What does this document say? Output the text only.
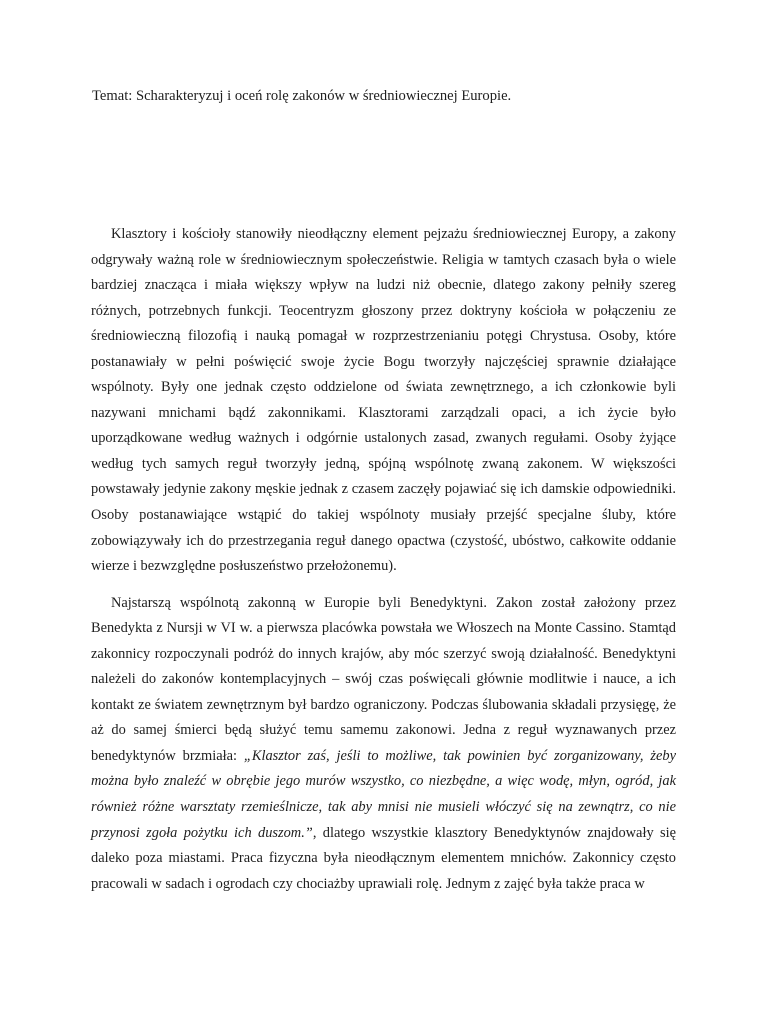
Temat: Scharakteryzuj i oceń rolę zakonów w średniowiecznej Europie.

Klasztory i kościoły stanowiły nieodłączny element pejzażu średniowiecznej Europy, a zakony odgrywały ważną role w średniowiecznym społeczeństwie. Religia w tamtych czasach była o wiele bardziej znacząca i miała większy wpływ na ludzi niż obecnie, dlatego zakony pełniły szereg różnych, potrzebnych funkcji. Teocentryzm głoszony przez doktryny kościoła w połączeniu ze średniowieczną filozofią i nauką pomagał w rozprzestrzenianiu potęgi Chrystusa. Osoby, które postanawiały w pełni poświęcić swoje życie Bogu tworzyły najczęściej sprawnie działające wspólnoty. Były one jednak często oddzielone od świata zewnętrznego, a ich członkowie byli nazywani mnichami bądź zakonnikami. Klasztorami zarządzali opaci, a ich życie było uporządkowane według ważnych i odgórnie ustalonych zasad, zwanych regułami. Osoby żyjące według tych samych reguł tworzyły jedną, spójną wspólnotę zwaną zakonem. W większości powstawały jedynie zakony męskie jednak z czasem zaczęły pojawiać się ich damskie odpowiedniki. Osoby postanawiające wstąpić do takiej wspólnoty musiały przejść specjalne śluby, które zobowiązywały ich do przestrzegania reguł danego opactwa (czystość, ubóstwo, całkowite oddanie wierze i bezwzględne posłuszeństwo przełożonemu).

Najstarszą wspólnotą zakonną w Europie byli Benedyktyni. Zakon został założony przez Benedykta z Nursji w VI w. a pierwsza placówka powstała we Włoszech na Monte Cassino. Stamtąd zakonnicy rozpoczynali podróż do innych krajów, aby móc szerzyć swoją działalność. Benedyktyni należeli do zakonów kontemplacyjnych – swój czas poświęcali głównie modlitwie i nauce, a ich kontakt ze światem zewnętrznym był bardzo ograniczony. Podczas ślubowania składali przysięgę, że aż do samej śmierci będą służyć temu samemu zakonowi. Jedna z reguł wyznawanych przez benedyktynów brzmiała: „Klasztor zaś, jeśli to możliwe, tak powinien być zorganizowany, żeby można było znaleźć w obrębie jego murów wszystko, co niezbędne, a więc wodę, młyn, ogród, jak również różne warsztaty rzemieślnicze, tak aby mnisi nie musieli włóczyć się na zewnątrz, co nie przynosi zgoła pożytku ich duszom.”, dlatego wszystkie klasztory Benedyktynów znajdowały się daleko poza miastami. Praca fizyczna była nieodłącznym elementem mnichów. Zakonnicy często pracowali w sadach i ogrodach czy chociażby uprawiali rolę. Jednym z zajęć była także praca w
